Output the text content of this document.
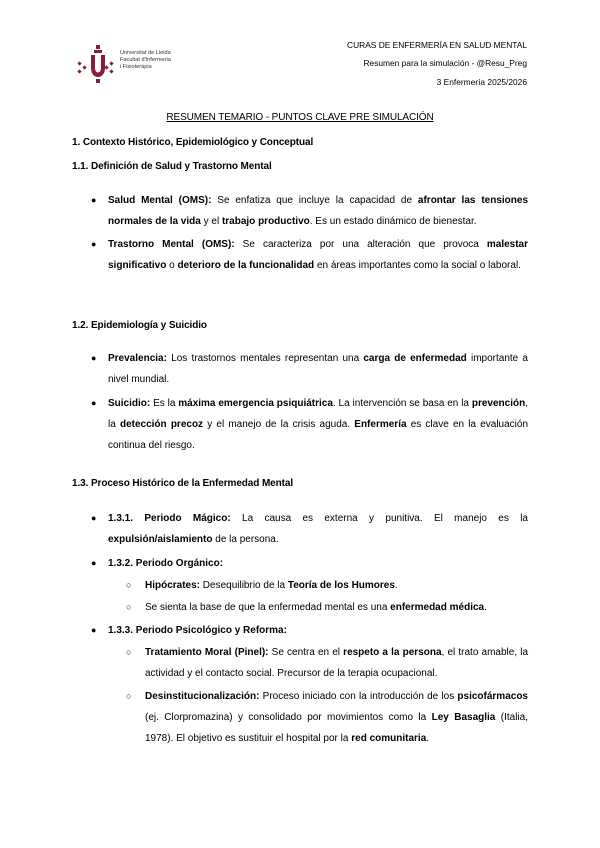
Universitat de Lleida
Facultat d'Infermeria
i Fisioteràpia
CURAS DE ENFERMERÍA EN SALUD MENTAL
Resumen para la simulación - @Resu_Preg
3 Enfermería 2025/2026
RESUMEN TEMARIO - PUNTOS CLAVE PRE SIMULACIÓN
1. Contexto Histórico, Epidemiológico y Conceptual
1.1. Definición de Salud y Trastorno Mental
● Salud Mental (OMS): Se enfatiza que incluye la capacidad de afrontar las tensiones normales de la vida y el trabajo productivo. Es un estado dinámico de bienestar.
● Trastorno Mental (OMS): Se caracteriza por una alteración que provoca malestar significativo o deterioro de la funcionalidad en áreas importantes como la social o laboral.
1.2. Epidemiología y Suicidio
● Prevalencia: Los trastornos mentales representan una carga de enfermedad importante a nivel mundial.
● Suicidio: Es la máxima emergencia psiquiátrica. La intervención se basa en la prevención, la detección precoz y el manejo de la crisis aguda. Enfermería es clave en la evaluación continua del riesgo.
1.3. Proceso Histórico de la Enfermedad Mental
● 1.3.1. Periodo Mágico: La causa es externa y punitiva. El manejo es la expulsión/aislamiento de la persona.
● 1.3.2. Periodo Orgánico:
○ Hipócrates: Desequilibrio de la Teoría de los Humores.
○ Se sienta la base de que la enfermedad mental es una enfermedad médica.
● 1.3.3. Periodo Psicológico y Reforma:
○ Tratamiento Moral (Pinel): Se centra en el respeto a la persona, el trato amable, la actividad y el contacto social. Precursor de la terapia ocupacional.
○ Desinstitucionalización: Proceso iniciado con la introducción de los psicofármacos (ej. Clorpromazina) y consolidado por movimientos como la Ley Basaglia (Italia, 1978). El objetivo es sustituir el hospital por la red comunitaria.
